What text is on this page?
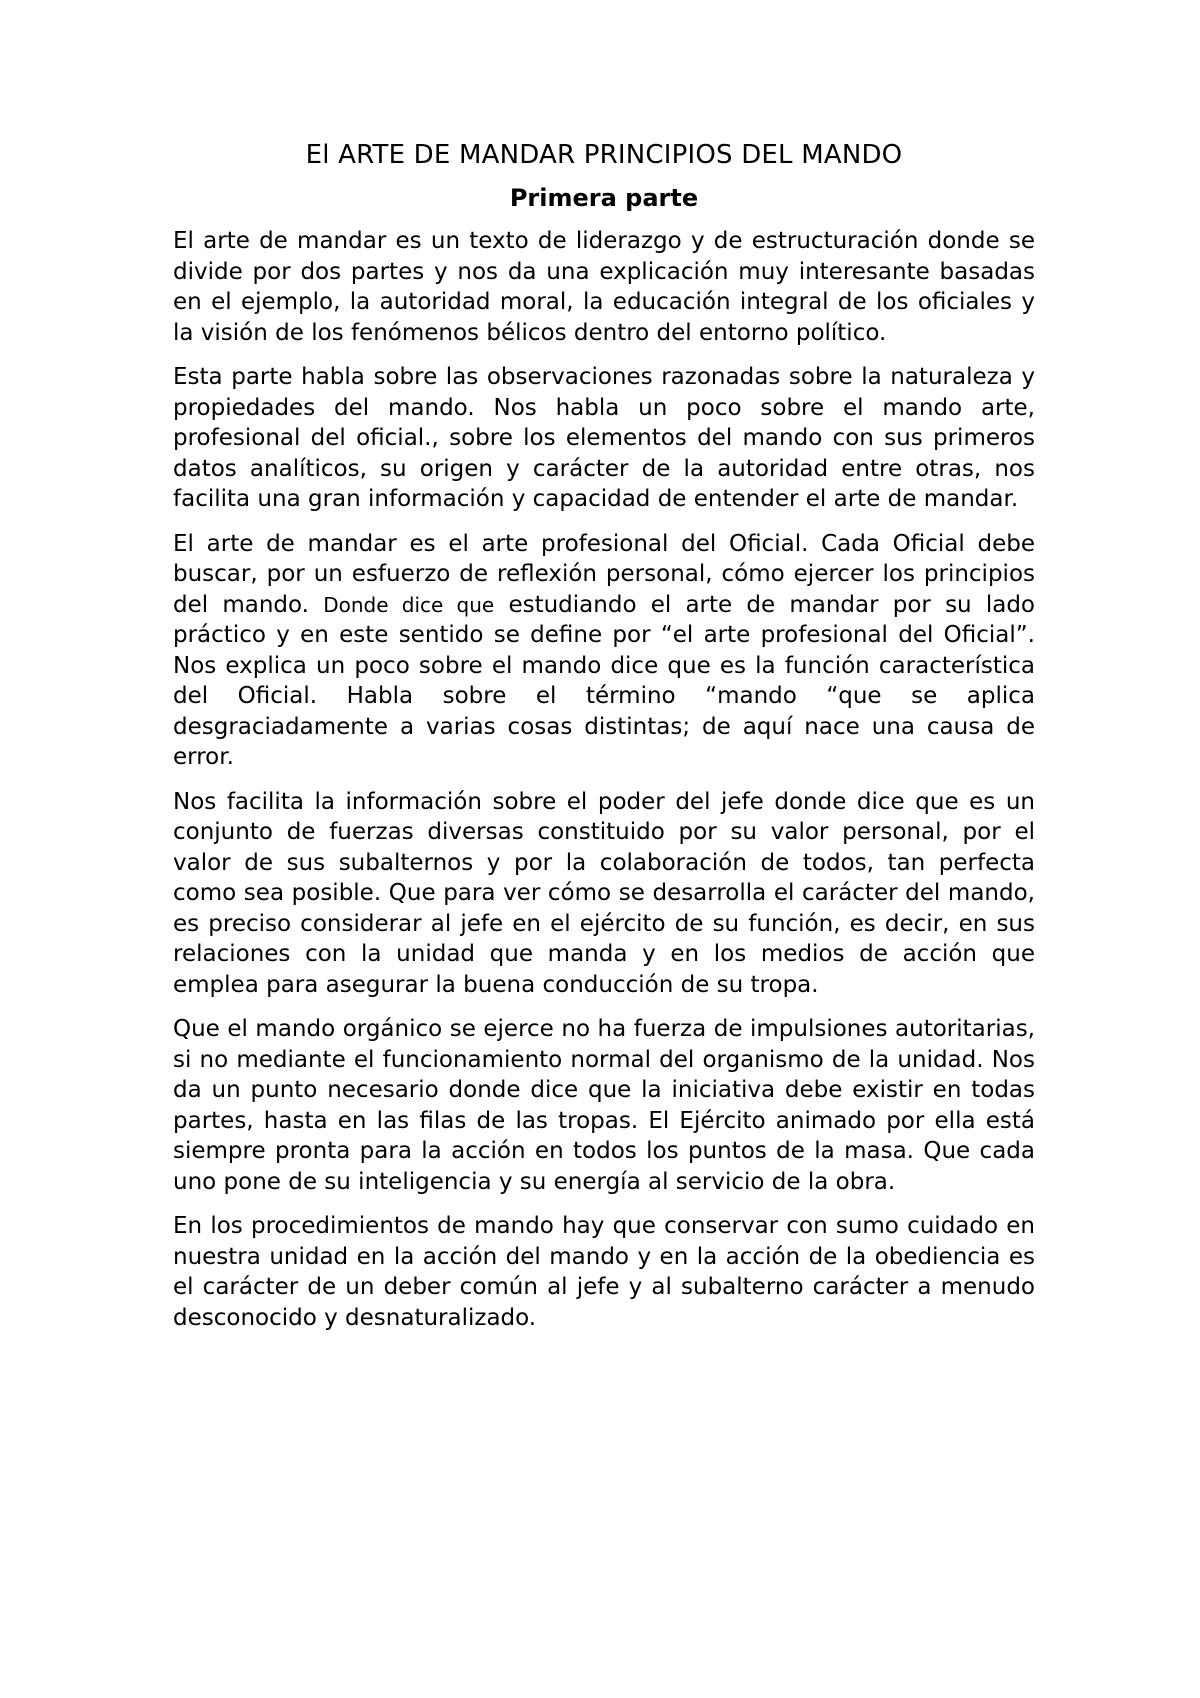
El ARTE DE MANDAR PRINCIPIOS DEL MANDO
Primera parte

El arte de mandar es un texto de liderazgo y de estructuración donde se divide por dos partes y nos da una explicación muy interesante basadas en el ejemplo, la autoridad moral, la educación integral de los oficiales y la visión de los fenómenos bélicos dentro del entorno político.

Esta parte habla sobre las observaciones razonadas sobre la naturaleza y propiedades del mando. Nos habla un poco sobre el mando arte, profesional del oficial., sobre los elementos del mando con sus primeros datos analíticos, su origen y carácter de la autoridad entre otras, nos facilita una gran información y capacidad de entender el arte de mandar.

El arte de mandar es el arte profesional del Oficial. Cada Oficial debe buscar, por un esfuerzo de reflexión personal, cómo ejercer los principios del mando. Donde dice que estudiando el arte de mandar por su lado práctico y en este sentido se define por “el arte profesional del Oficial”. Nos explica un poco sobre el mando dice que es la función característica del Oficial. Habla sobre el término “mando “que se aplica desgraciadamente a varias cosas distintas; de aquí nace una causa de error.

Nos facilita la información sobre el poder del jefe donde dice que es un conjunto de fuerzas diversas constituido por su valor personal, por el valor de sus subalternos y por la colaboración de todos, tan perfecta como sea posible. Que para ver cómo se desarrolla el carácter del mando, es preciso considerar al jefe en el ejército de su función, es decir, en sus relaciones con la unidad que manda y en los medios de acción que emplea para asegurar la buena conducción de su tropa.

Que el mando orgánico se ejerce no ha fuerza de impulsiones autoritarias, si no mediante el funcionamiento normal del organismo de la unidad. Nos da un punto necesario donde dice que la iniciativa debe existir en todas partes, hasta en las filas de las tropas. El Ejército animado por ella está siempre pronta para la acción en todos los puntos de la masa. Que cada uno pone de su inteligencia y su energía al servicio de la obra.

En los procedimientos de mando hay que conservar con sumo cuidado en nuestra unidad en la acción del mando y en la acción de la obediencia es el carácter de un deber común al jefe y al subalterno carácter a menudo desconocido y desnaturalizado.
